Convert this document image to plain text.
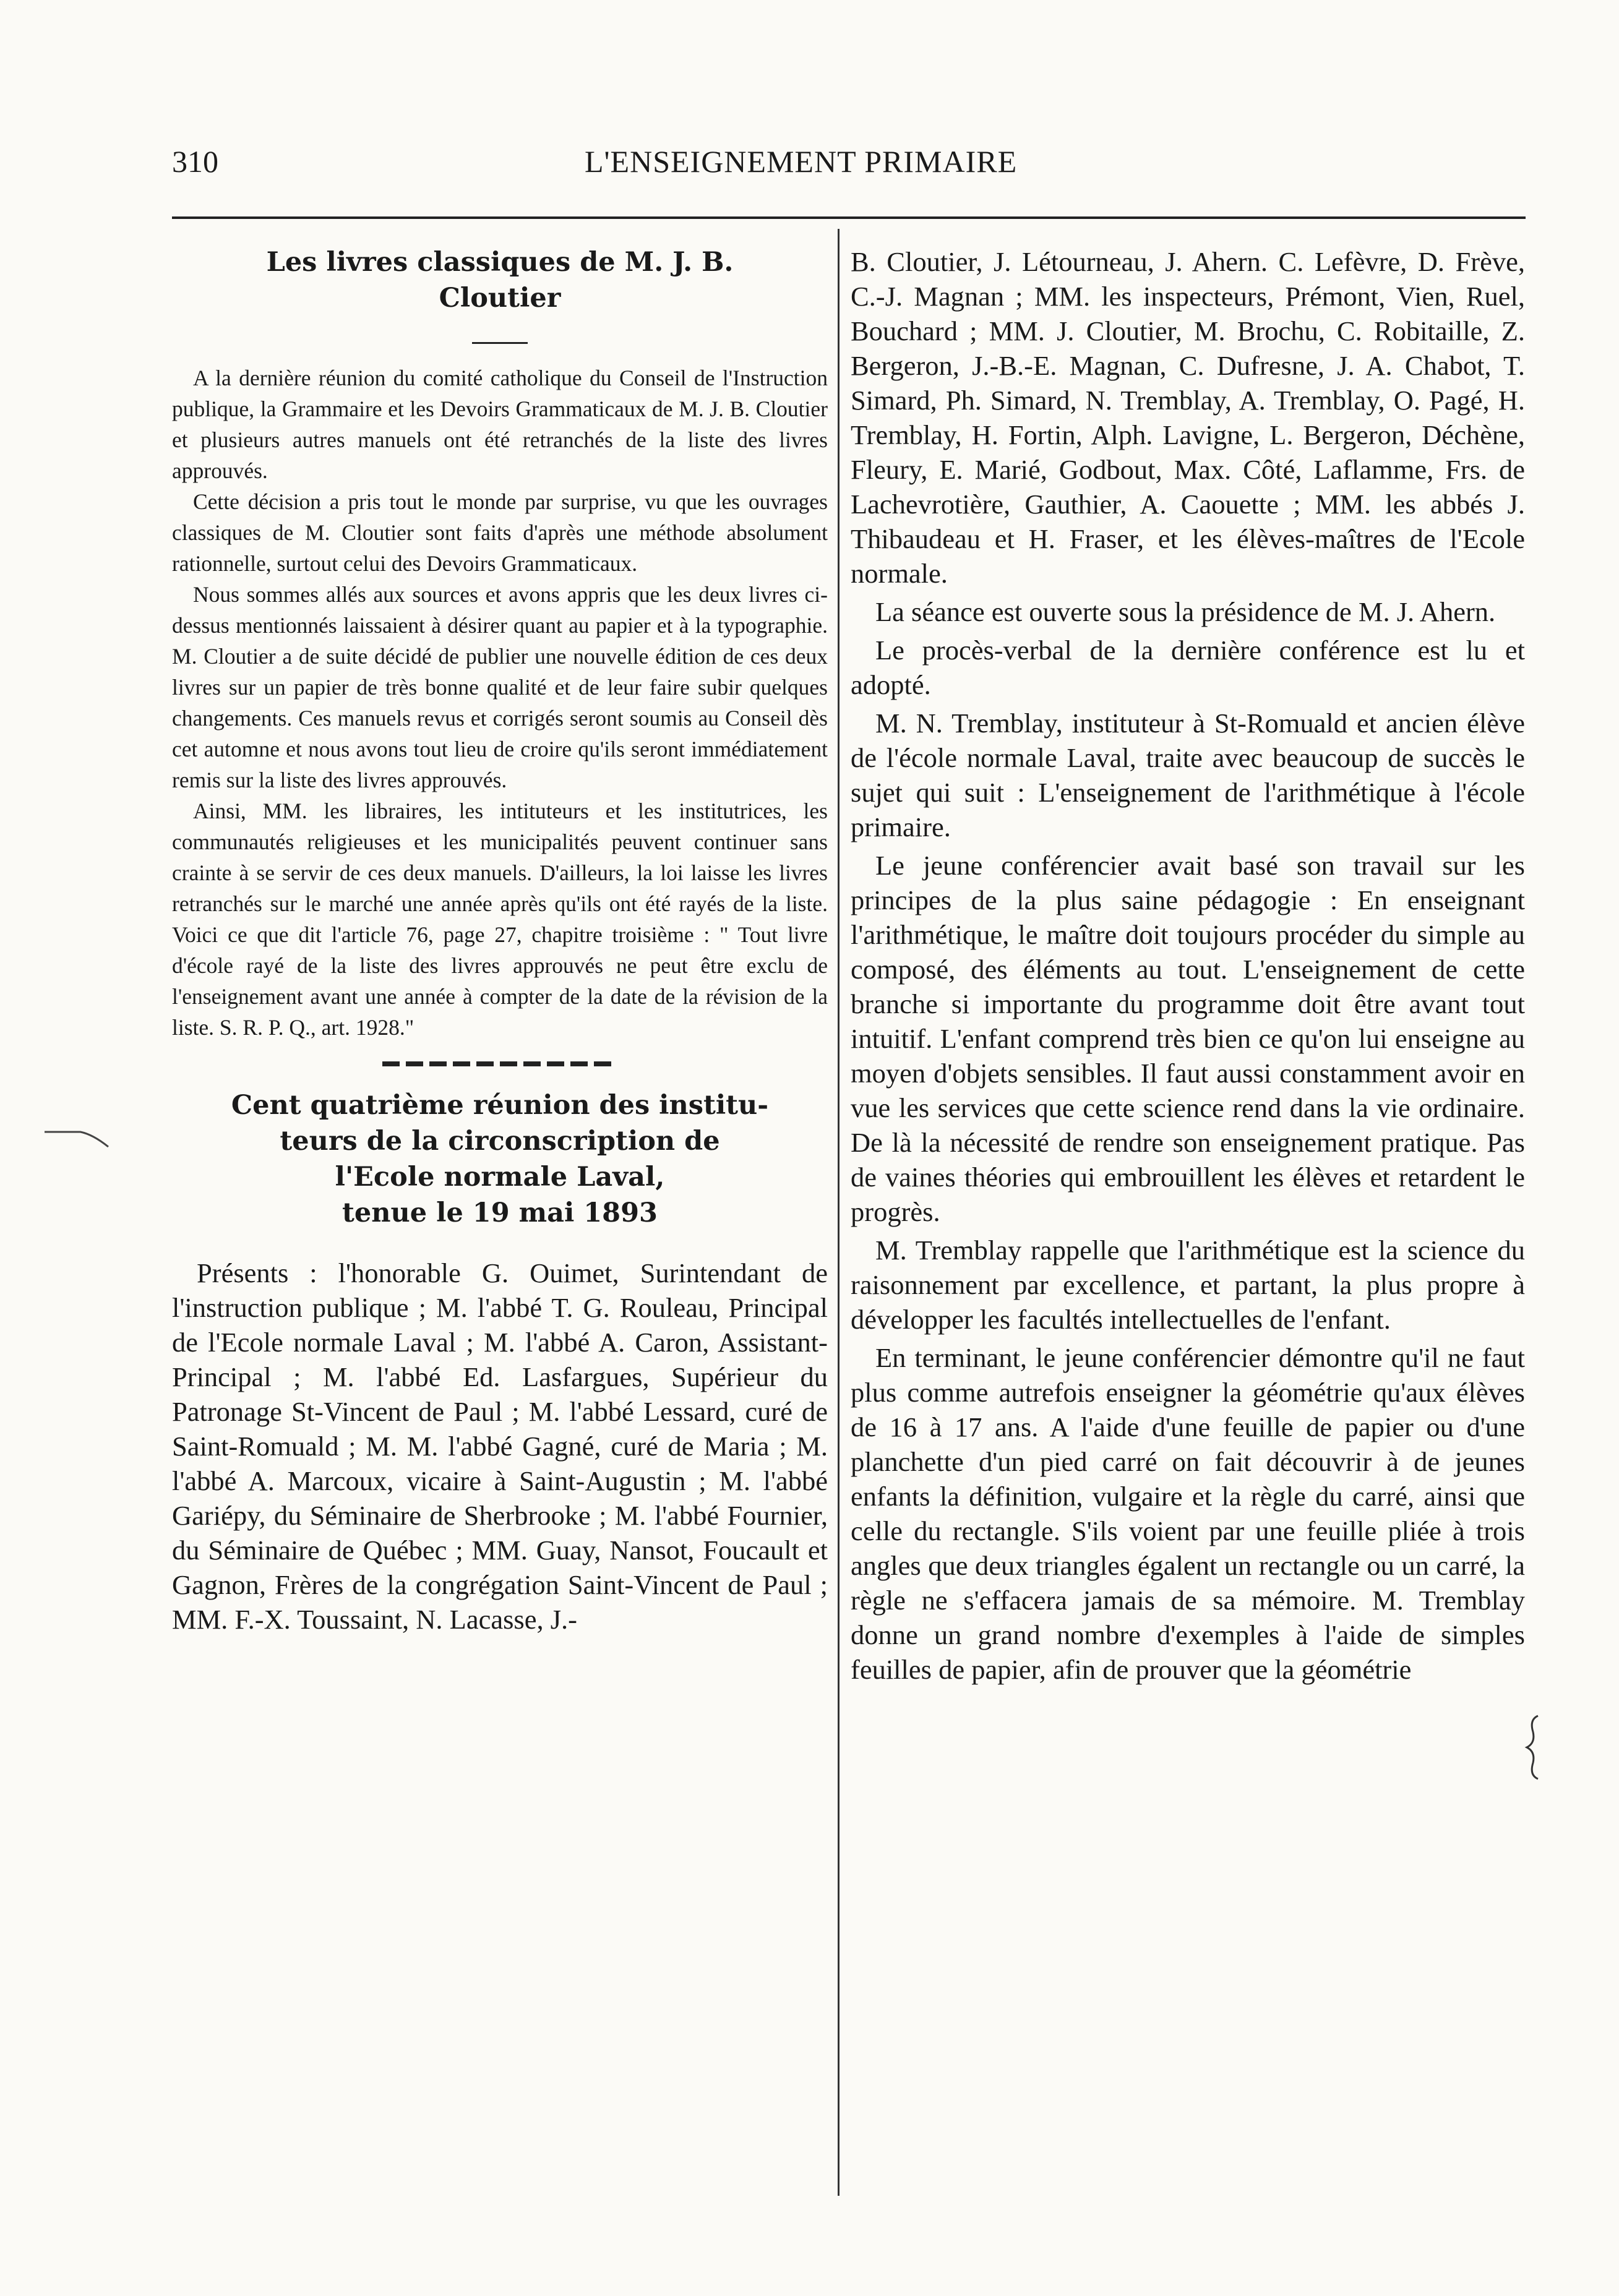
310	L'ENSEIGNEMENT PRIMAIRE
Les livres classiques de M. J. B.
Cloutier

A la dernière réunion du comité catholique du Conseil de l'Instruction publique, la Grammaire et les Devoirs Grammaticaux de M. J. B. Cloutier et plusieurs autres manuels ont été retranchés de la liste des livres approuvés.

Cette décision a pris tout le monde par surprise, vu que les ouvrages classiques de M. Cloutier sont faits d'après une méthode absolument rationnelle, surtout celui des Devoirs Grammaticaux.

Nous sommes allés aux sources et avons appris que les deux livres ci-dessus mentionnés laissaient à désirer quant au papier et à la typographie. M. Cloutier a de suite décidé de publier une nouvelle édition de ces deux livres sur un papier de très bonne qualité et de leur faire subir quelques changements. Ces manuels revus et corrigés seront soumis au Conseil dès cet automne et nous avons tout lieu de croire qu'ils seront immédiatement remis sur la liste des livres approuvés.

Ainsi, MM. les libraires, les intituteurs et les institutrices, les communautés religieuses et les municipalités peuvent continuer sans crainte à se servir de ces deux manuels. D'ailleurs, la loi laisse les livres retranchés sur le marché une année après qu'ils ont été rayés de la liste. Voici ce que dit l'article 76, page 27, chapitre troisième : " Tout livre d'école rayé de la liste des livres approuvés ne peut être exclu de l'enseignement avant une année à compter de la date de la révision de la liste. S. R. P. Q., art. 1928."

Cent quatrième réunion des institu-
teurs de la circonscription de
l'Ecole normale Laval,
tenue le 19 mai 1893

Présents : l'honorable G. Ouimet, Surintendant de l'instruction publique ; M. l'abbé T. G. Rouleau, Principal de l'Ecole normale Laval ; M. l'abbé A. Caron, Assistant-Principal ; M. l'abbé Ed. Lasfargues, Supérieur du Patronage St-Vincent de Paul ; M. l'abbé Lessard, curé de Saint-Romuald ; M. M. l'abbé Gagné, curé de Maria ; M. l'abbé A. Marcoux, vicaire à Saint-Augustin ; M. l'abbé Gariépy, du Séminaire de Sherbrooke ; M. l'abbé Fournier, du Séminaire de Québec ; MM. Guay, Nansot, Foucault et Gagnon, Frères de la congrégation Saint-Vincent de Paul ; MM. F.-X. Toussaint, N. Lacasse, J.-

B. Cloutier, J. Létourneau, J. Ahern. C. Lefèvre, D. Frève, C.-J. Magnan ; MM. les inspecteurs, Prémont, Vien, Ruel, Bouchard ; MM. J. Cloutier, M. Brochu, C. Robitaille, Z. Bergeron, J.-B.-E. Magnan, C. Dufresne, J. A. Chabot, T. Simard, Ph. Simard, N. Tremblay, A. Tremblay, O. Pagé, H. Tremblay, H. Fortin, Alph. Lavigne, L. Bergeron, Déchène, Fleury, E. Marié, Godbout, Max. Côté, Laflamme, Frs. de Lachevrotière, Gauthier, A. Caouette ; MM. les abbés J. Thibaudeau et H. Fraser, et les élèves-maîtres de l'Ecole normale.

La séance est ouverte sous la présidence de M. J. Ahern.

Le procès-verbal de la dernière conférence est lu et adopté.

M. N. Tremblay, instituteur à St-Romuald et ancien élève de l'école normale Laval, traite avec beaucoup de succès le sujet qui suit : L'enseignement de l'arithmétique à l'école primaire.

Le jeune conférencier avait basé son travail sur les principes de la plus saine pédagogie : En enseignant l'arithmétique, le maître doit toujours procéder du simple au composé, des éléments au tout. L'enseignement de cette branche si importante du programme doit être avant tout intuitif. L'enfant comprend très bien ce qu'on lui enseigne au moyen d'objets sensibles. Il faut aussi constamment avoir en vue les services que cette science rend dans la vie ordinaire. De là la nécessité de rendre son enseignement pratique. Pas de vaines théories qui embrouillent les élèves et retardent le progrès.

M. Tremblay rappelle que l'arithmétique est la science du raisonnement par excellence, et partant, la plus propre à développer les facultés intellectuelles de l'enfant.

En terminant, le jeune conférencier démontre qu'il ne faut plus comme autrefois enseigner la géométrie qu'aux élèves de 16 à 17 ans. A l'aide d'une feuille de papier ou d'une planchette d'un pied carré on fait découvrir à de jeunes enfants la définition, vulgaire et la règle du carré, ainsi que celle du rectangle. S'ils voient par une feuille pliée à trois angles que deux triangles égalent un rectangle ou un carré, la règle ne s'effacera jamais de sa mémoire. M. Tremblay donne un grand nombre d'exemples à l'aide de simples feuilles de papier, afin de prouver que la géométrie
